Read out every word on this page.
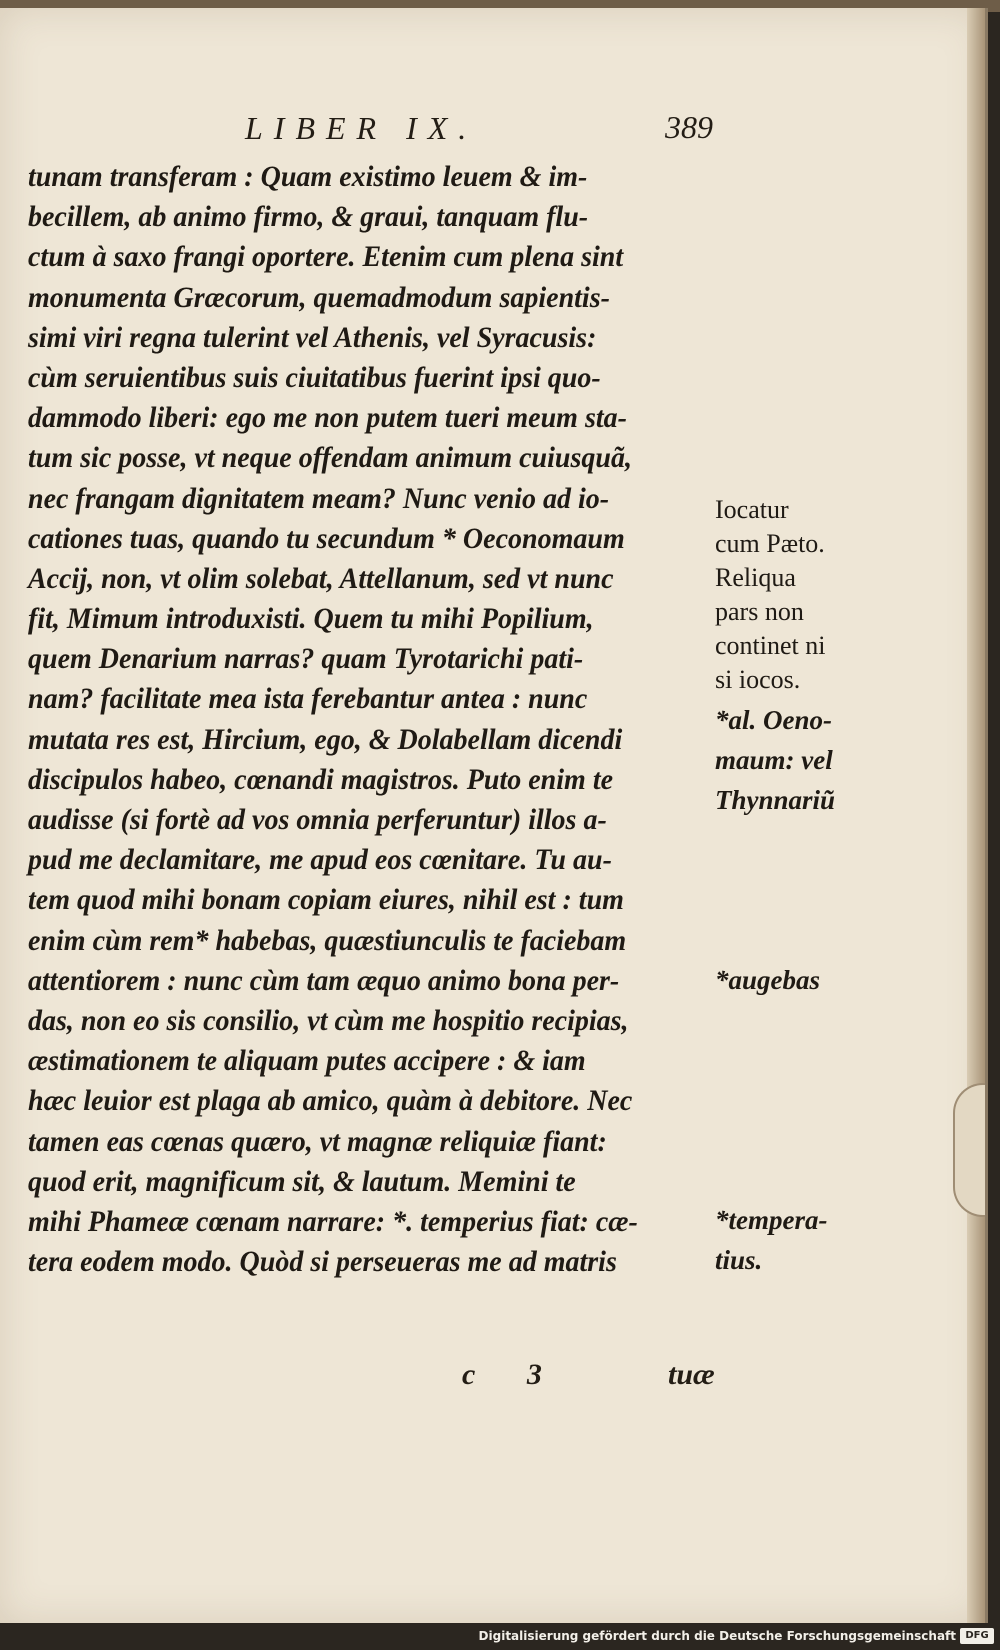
LIBER IX.	389
tunam transferam : Quam existimo leuem & im-
becillem, ab animo firmo, & graui, tanquam flu-
ctum à saxo frangi oportere. Etenim cum plena sint
monumenta Græcorum, quemadmodum sapientis-
simi viri regna tulerint vel Athenis, vel Syracusis:
cùm seruientibus suis ciuitatibus fuerint ipsi quo-
dammodo liberi: ego me non putem tueri meum sta-
tum sic posse, vt neque offendam animum cuiusquã,
nec frangam dignitatem meam? Nunc venio ad io-
cationes tuas, quando tu secundum * Oeconomaum
Accij, non, vt olim solebat, Attellanum, sed vt nunc
fit, Mimum introduxisti. Quem tu mihi Popilium,
quem Denarium narras? quam Tyrotarichi pati-
nam? facilitate mea ista ferebantur antea : nunc
mutata res est, Hircium, ego, & Dolabellam dicendi
discipulos habeo, cœnandi magistros. Puto enim te
audisse (si fortè ad vos omnia perferuntur) illos a-
pud me declamitare, me apud eos cœnitare. Tu au-
tem quod mihi bonam copiam eiures, nihil est : tum
enim cùm rem* habebas, quæstiunculis te faciebam
attentiorem : nunc cùm tam æquo animo bona per-
das, non eo sis consilio, vt cùm me hospitio recipias,
æstimationem te aliquam putes accipere : & iam
hæc leuior est plaga ab amico, quàm à debitore. Nec
tamen eas cœnas quæro, vt magnæ reliquiæ fiant:
quod erit, magnificum sit, & lautum. Memini te
mihi Phameæ cœnam narrare: *. temperius fiat: cæ-
tera eodem modo. Quòd si perseueras me ad matris
Iocatur
cum Pæto.
Reliqua
pars non
continet ni
si iocos.
*al. Oeno-
maum: vel
Thynnariũ
*augebas
*tempera-
tius.
c 3	tuæ
Digitalisierung gefördert durch die Deutsche Forschungsgemeinschaft DFG
